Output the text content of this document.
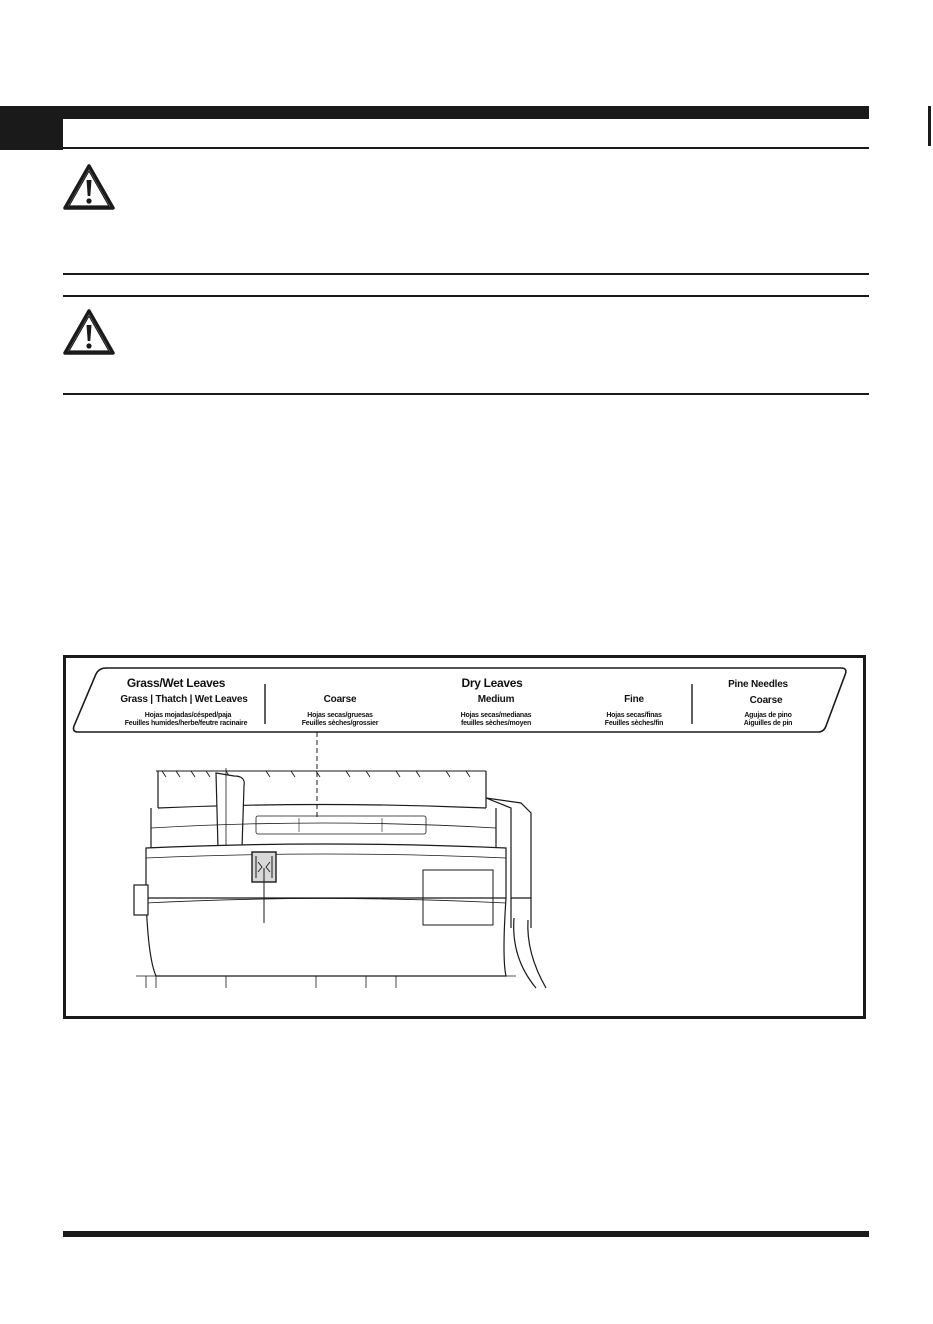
Grass/Wet Leaves
Grass | Thatch | Wet Leaves
Hojas mojadas/césped/paja
Feuilles humides/herbe/feutre racinaire
Coarse
Hojas secas/gruesas
Feuilles sèches/grossier
Dry Leaves
Medium
Hojas secas/medianas
feuilles sèches/moyen
Fine
Hojas secas/finas
Feuilles sèches/fin
Pine Needles
Coarse
Agujas de pino
Aiguilles de pin
